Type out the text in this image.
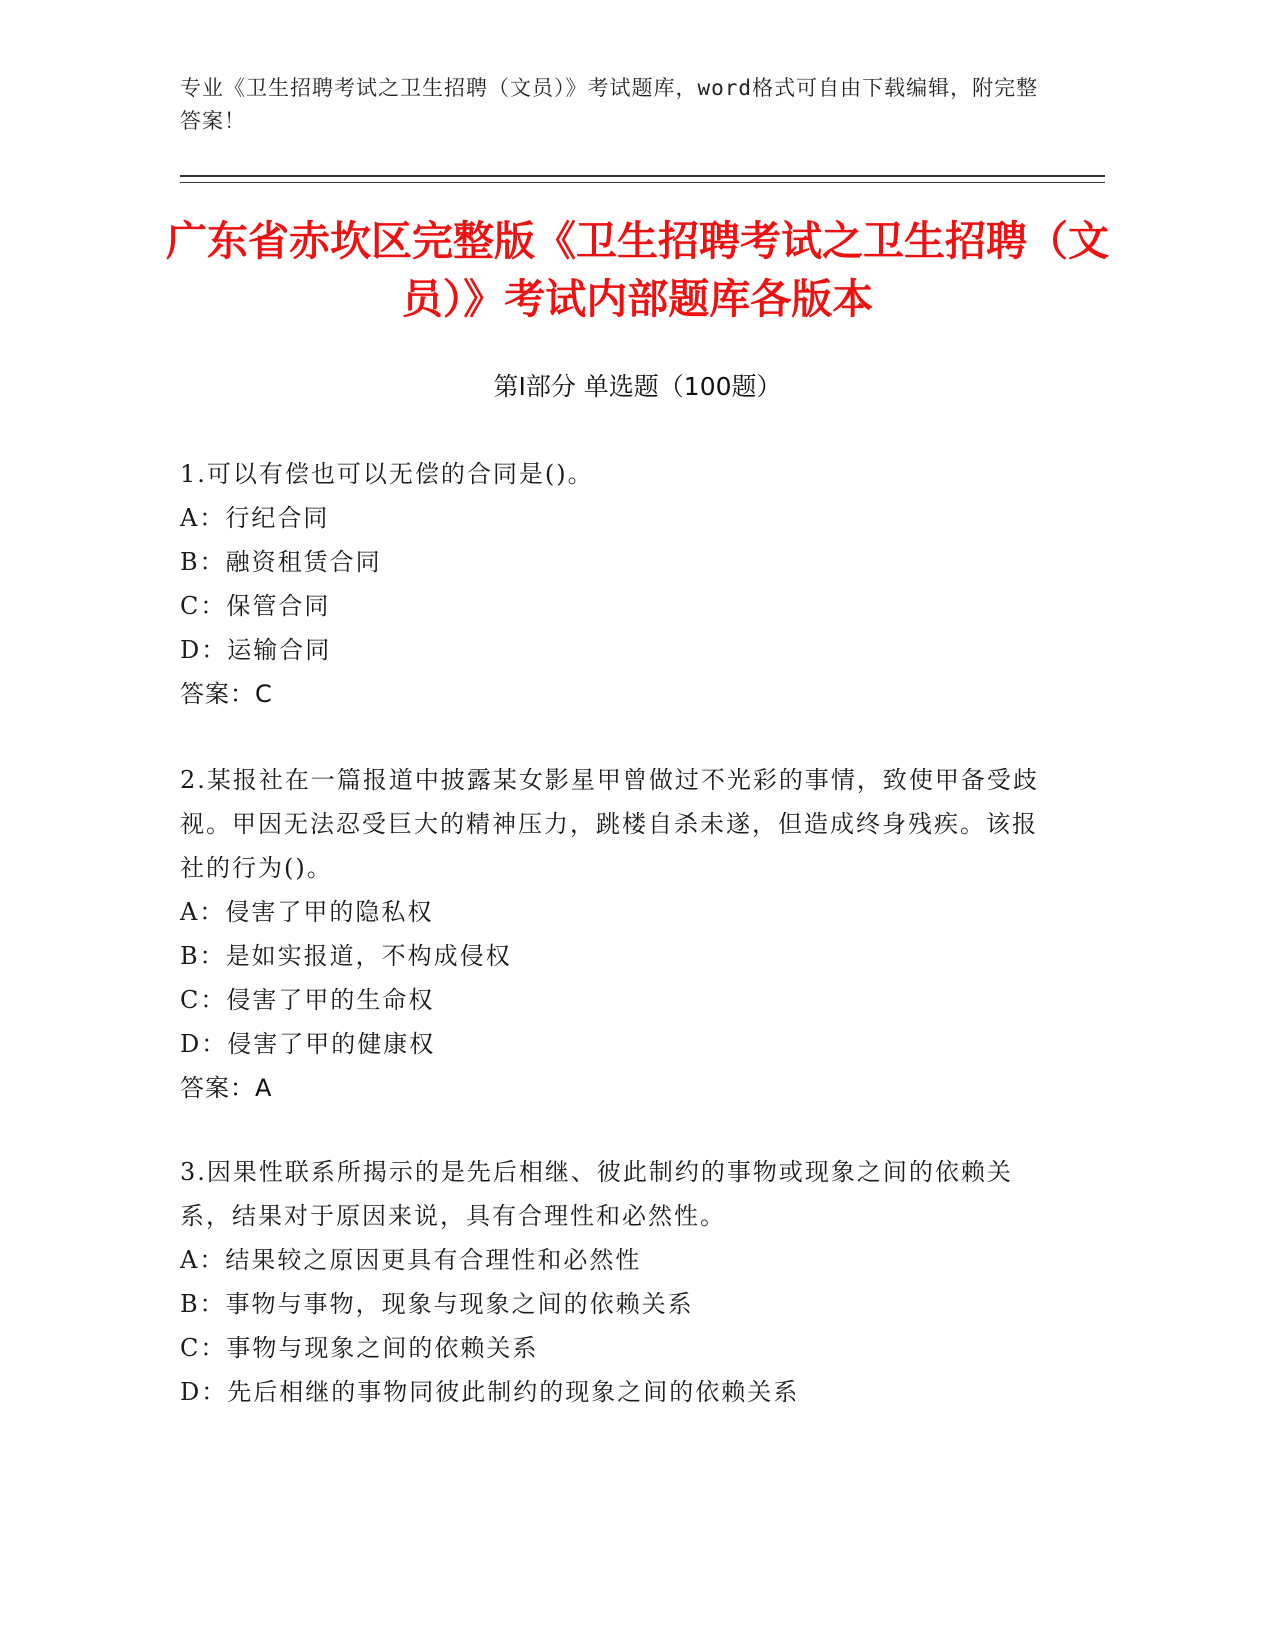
专业《卫生招聘考试之卫生招聘（文员）》考试题库，word格式可自由下载编辑，附完整答案！
广东省赤坎区完整版《卫生招聘考试之卫生招聘（文员）》考试内部题库各版本
第Ⅰ部分 单选题（100题）

1.可以有偿也可以无偿的合同是()。

A：行纪合同

B：融资租赁合同

C：保管合同

D：运输合同

答案：C

2.某报社在一篇报道中披露某女影星甲曾做过不光彩的事情，致使甲备受歧视。甲因无法忍受巨大的精神压力，跳楼自杀未遂，但造成终身残疾。该报社的行为()。

A：侵害了甲的隐私权

B：是如实报道，不构成侵权

C：侵害了甲的生命权

D：侵害了甲的健康权

答案：A

3.因果性联系所揭示的是先后相继、彼此制约的事物或现象之间的依赖关系，结果对于原因来说，具有合理性和必然性。

A：结果较之原因更具有合理性和必然性

B：事物与事物，现象与现象之间的依赖关系

C：事物与现象之间的依赖关系

D：先后相继的事物同彼此制约的现象之间的依赖关系
